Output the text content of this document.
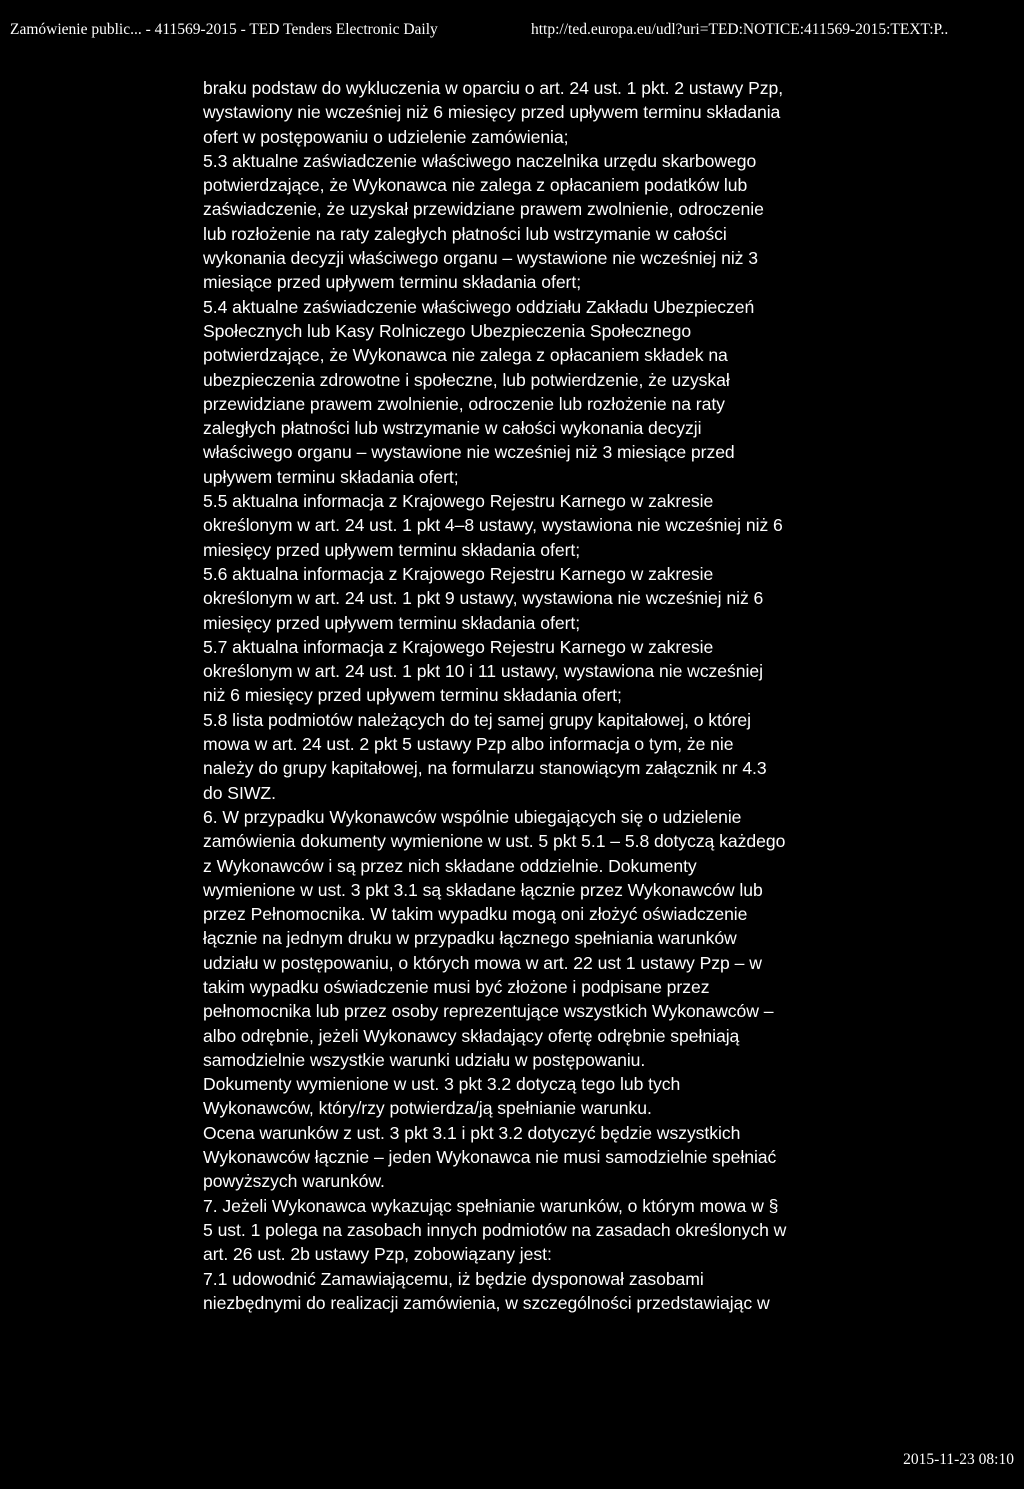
Zamówienie public... - 411569-2015 - TED Tenders Electronic Daily	http://ted.europa.eu/udl?uri=TED:NOTICE:411569-2015:TEXT:P..
braku podstaw do wykluczenia w oparciu o art. 24 ust. 1 pkt. 2 ustawy Pzp,
wystawiony nie wcześniej niż 6 miesięcy przed upływem terminu składania
ofert w postępowaniu o udzielenie zamówienia;
5.3 aktualne zaświadczenie właściwego naczelnika urzędu skarbowego
potwierdzające, że Wykonawca nie zalega z opłacaniem podatków lub
zaświadczenie, że uzyskał przewidziane prawem zwolnienie, odroczenie
lub rozłożenie na raty zaległych płatności lub wstrzymanie w całości
wykonania decyzji właściwego organu – wystawione nie wcześniej niż 3
miesiące przed upływem terminu składania ofert;
5.4 aktualne zaświadczenie właściwego oddziału Zakładu Ubezpieczeń
Społecznych lub Kasy Rolniczego Ubezpieczenia Społecznego
potwierdzające, że Wykonawca nie zalega z opłacaniem składek na
ubezpieczenia zdrowotne i społeczne, lub potwierdzenie, że uzyskał
przewidziane prawem zwolnienie, odroczenie lub rozłożenie na raty
zaległych płatności lub wstrzymanie w całości wykonania decyzji
właściwego organu – wystawione nie wcześniej niż 3 miesiące przed
upływem terminu składania ofert;
5.5 aktualna informacja z Krajowego Rejestru Karnego w zakresie
określonym w art. 24 ust. 1 pkt 4–8 ustawy, wystawiona nie wcześniej niż 6
miesięcy przed upływem terminu składania ofert;
5.6 aktualna informacja z Krajowego Rejestru Karnego w zakresie
określonym w art. 24 ust. 1 pkt 9 ustawy, wystawiona nie wcześniej niż 6
miesięcy przed upływem terminu składania ofert;
5.7 aktualna informacja z Krajowego Rejestru Karnego w zakresie
określonym w art. 24 ust. 1 pkt 10 i 11 ustawy, wystawiona nie wcześniej
niż 6 miesięcy przed upływem terminu składania ofert;
5.8 lista podmiotów należących do tej samej grupy kapitałowej, o której
mowa w art. 24 ust. 2 pkt 5 ustawy Pzp albo informacja o tym, że nie
należy do grupy kapitałowej, na formularzu stanowiącym załącznik nr 4.3
do SIWZ.
6. W przypadku Wykonawców wspólnie ubiegających się o udzielenie
zamówienia dokumenty wymienione w ust. 5 pkt 5.1 – 5.8 dotyczą każdego
z Wykonawców i są przez nich składane oddzielnie. Dokumenty
wymienione w ust. 3 pkt 3.1 są składane łącznie przez Wykonawców lub
przez Pełnomocnika. W takim wypadku mogą oni złożyć oświadczenie
łącznie na jednym druku w przypadku łącznego spełniania warunków
udziału w postępowaniu, o których mowa w art. 22 ust 1 ustawy Pzp – w
takim wypadku oświadczenie musi być złożone i podpisane przez
pełnomocnika lub przez osoby reprezentujące wszystkich Wykonawców –
albo odrębnie, jeżeli Wykonawcy składający ofertę odrębnie spełniają
samodzielnie wszystkie warunki udziału w postępowaniu.
Dokumenty wymienione w ust. 3 pkt 3.2 dotyczą tego lub tych
Wykonawców, który/rzy potwierdza/ją spełnianie warunku.
Ocena warunków z ust. 3 pkt 3.1 i pkt 3.2 dotyczyć będzie wszystkich
Wykonawców łącznie – jeden Wykonawca nie musi samodzielnie spełniać
powyższych warunków.
7. Jeżeli Wykonawca wykazując spełnianie warunków, o którym mowa w §
5 ust. 1 polega na zasobach innych podmiotów na zasadach określonych w
art. 26 ust. 2b ustawy Pzp, zobowiązany jest:
7.1 udowodnić Zamawiającemu, iż będzie dysponował zasobami
niezbędnymi do realizacji zamówienia, w szczególności przedstawiając w
2015-11-23 08:10
